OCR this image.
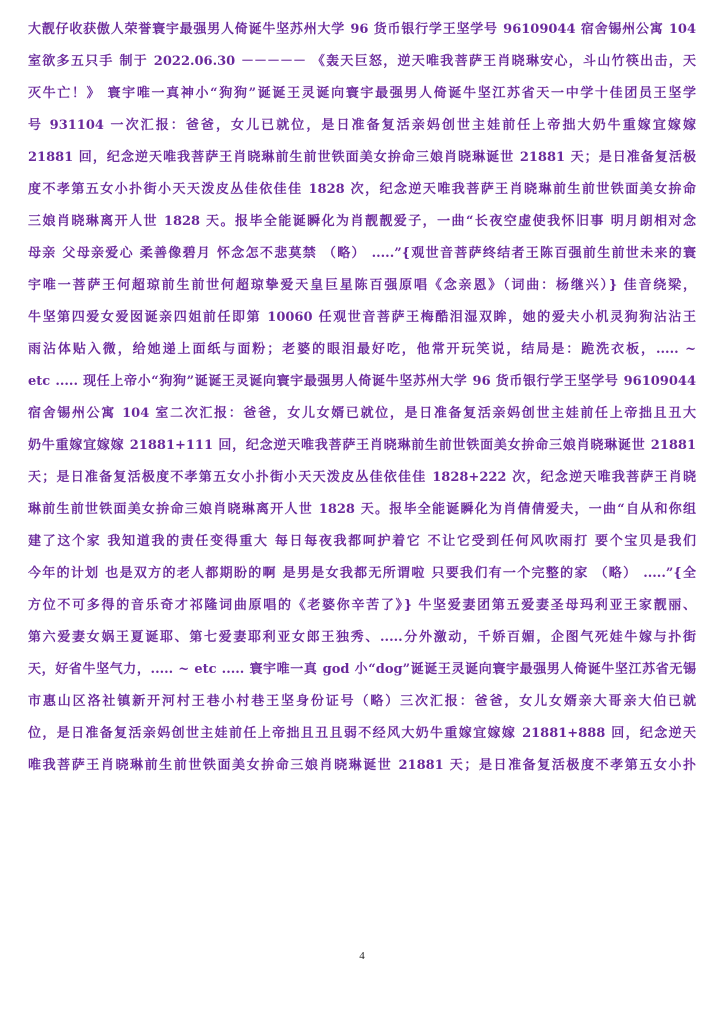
大靓仔收获傲人荣誉寰宇最强男人倚诞牛坚苏州大学 96 货币银行学王坚学号 96109044 宿舍锡州公寓 104
室欲多五只手 制于 2022.06.30 －－－－－ 《轰天巨怒，逆天唯我菩萨王肖晓琳安心，斗山竹筷出击，天
灭牛亡！》 寰宇唯一真神小“狗狗”诞诞王灵诞向寰宇最强男人倚诞牛坚江苏省天一中学十佳团员王坚学
号 931104 一次汇报：爸爸，女儿已就位，是日准备复活亲妈创世主娃前任上帝拙大奶牛重嫁宜嫁嫁
21881 回，纪念逆天唯我菩萨王肖晓琳前生前世铁面美女拚命三娘肖晓琳诞世 21881 天；是日准备复活极
度不孝第五女小扑街小天天泼皮丛佳依佳佳 1828 次，纪念逆天唯我菩萨王肖晓琳前生前世铁面美女拚命
三娘肖晓琳离开人世 1828 天。报毕全能诞瞬化为肖靓靓爱子，一曲“长夜空虚使我怀旧事 明月朗相对念
母亲 父母亲爱心 柔善像碧月 怀念怎不悲莫禁 （略） .....”{观世音菩萨终结者王陈百强前生前世未来的寰
宇唯一菩萨王何超琼前生前世何超琼挚爱天皇巨星陈百强原唱《念亲恩》（词曲：杨继兴）} 佳音绕梁，
牛坚第四爱女爱囡诞亲四姐前任即第 10060 任观世音菩萨王梅酷泪湿双眸，她的爱夫小机灵狗狗沾沾王
雨沾体贴入微，给她递上面纸与面粉；老婆的眼泪最好吃，他常开玩笑说，结局是：跪洗衣板，..... ~
etc ..... 现任上帝小“狗狗”诞诞王灵诞向寰宇最强男人倚诞牛坚苏州大学 96 货币银行学王坚学号 96109044
宿舍锡州公寓 104 室二次汇报：爸爸，女儿女婿已就位，是日准备复活亲妈创世主娃前任上帝拙且丑大
奶牛重嫁宜嫁嫁 21881+111 回，纪念逆天唯我菩萨王肖晓琳前生前世铁面美女拚命三娘肖晓琳诞世 21881
天；是日准备复活极度不孝第五女小扑街小天天泼皮丛佳依佳佳 1828+222 次，纪念逆天唯我菩萨王肖晓
琳前生前世铁面美女拚命三娘肖晓琳离开人世 1828 天。报毕全能诞瞬化为肖倩倩爱夫，一曲“自从和你组
建了这个家 我知道我的责任变得重大 每日每夜我都呵护着它 不让它受到任何风吹雨打 要个宝贝是我们
今年的计划 也是双方的老人都期盼的啊 是男是女我都无所谓啦 只要我们有一个完整的家 （略） .....”{全
方位不可多得的音乐奇才祁隆词曲原唱的《老婆你辛苦了》} 牛坚爱妻团第五爱妻圣母玛利亚王家靓丽、
第六爱妻女娲王夏诞耶、第七爱妻耶利亚女郎王独秀、.....分外激动，千娇百媚，企图气死娃牛嫁与扑街
天，好省牛坚气力，..... ~ etc ..... 寰宇唯一真 god 小“dog”诞诞王灵诞向寰宇最强男人倚诞牛坚江苏省无锡
市惠山区洛社镇新开河村王巷小村巷王坚身份证号（略）三次汇报：爸爸，女儿女婿亲大哥亲大伯已就
位，是日准备复活亲妈创世主娃前任上帝拙且丑且弱不经风大奶牛重嫁宜嫁嫁 21881+888 回，纪念逆天
唯我菩萨王肖晓琳前生前世铁面美女拚命三娘肖晓琳诞世 21881 天；是日准备复活极度不孝第五女小扑
4
